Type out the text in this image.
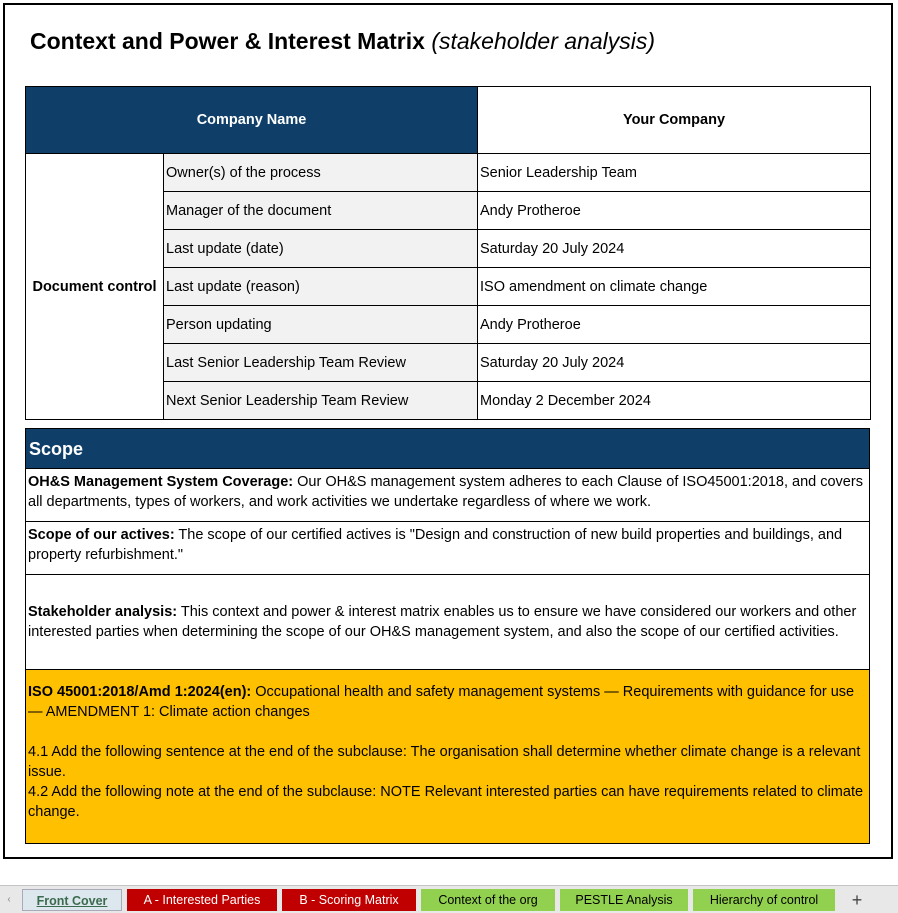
Context and Power & Interest Matrix (stakeholder analysis)
Company Name		Your Company
Document control	Owner(s) of the process	Senior Leadership Team
	Manager of the document	Andy Protheroe
	Last update (date)	Saturday 20 July 2024
	Last update (reason)	ISO amendment on climate change
	Person updating	Andy Protheroe
	Last Senior Leadership Team Review	Saturday 20 July 2024
	Next Senior Leadership Team Review	Monday 2 December 2024
Scope
OH&S Management System Coverage: Our OH&S management system adheres to each Clause of ISO45001:2018, and covers all departments, types of workers, and work activities we undertake regardless of where we work.
Scope of our actives: The scope of our certified actives is "Design and construction of new build properties and buildings, and property refurbishment."
Stakeholder analysis: This context and power & interest matrix enables us to ensure we have considered our workers and other interested parties when determining the scope of our OH&S management system, and also the scope of our certified activities.

ISO 45001:2018/Amd 1:2024(en): Occupational health and safety management systems — Requirements with guidance for use — AMENDMENT 1: Climate action changes
4.1 Add the following sentence at the end of the subclause: The organisation shall determine whether climate change is a relevant issue.
4.2 Add the following note at the end of the subclause: NOTE Relevant interested parties can have requirements related to climate change.
‹	Front Cover	A - Interested Parties	B - Scoring Matrix	Context of the org	PESTLE Analysis	Hierarchy of control	+
